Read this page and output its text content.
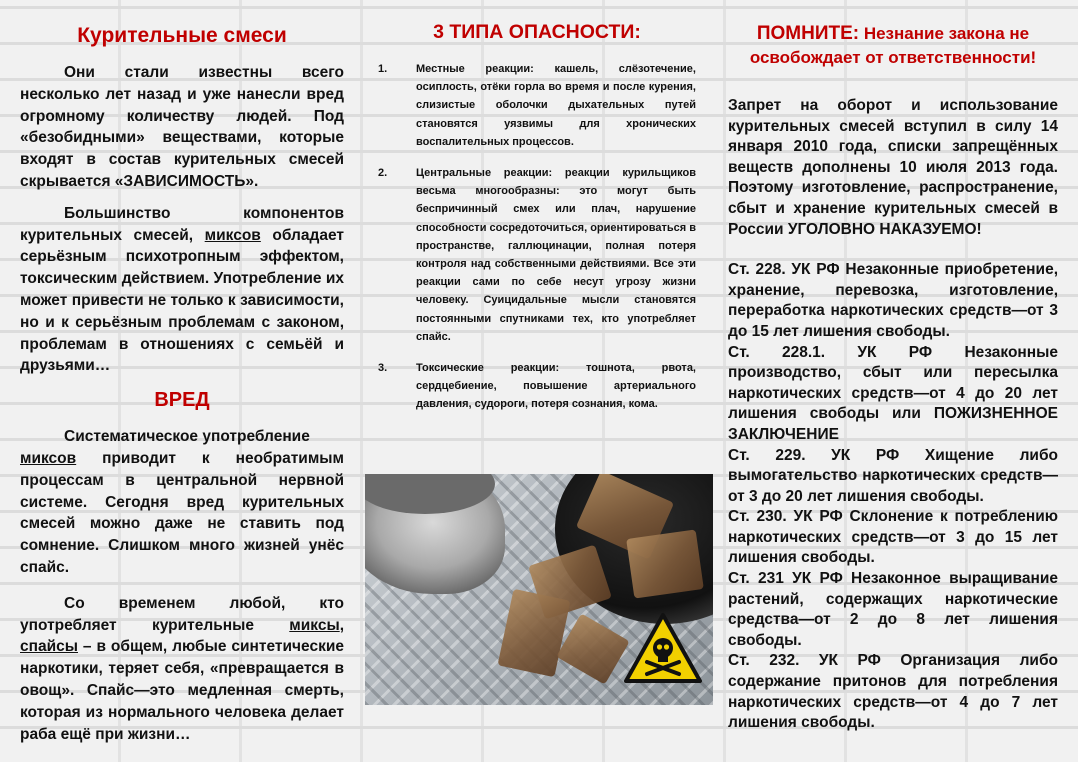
Курительные смеси

Они стали известны всего несколько лет назад и уже нанесли вред огромному количеству людей. Под «безобидными» веществами, которые входят в состав курительных смесей скрывается «ЗАВИСИМОСТЬ».

Большинство компонентов курительных смесей, миксов обладает серьёзным психотропным эффектом, токсическим действием. Употребление их может привести не только к зависимости, но и к серьёзным проблемам с законом, проблемам в отношениях с семьёй и друзьями…

ВРЕД

Систематическое употребление
миксов приводит к необратимым процессам в центральной нервной системе. Сегодня вред курительных смесей можно даже не ставить под сомнение. Слишком много жизней унёс спайс.

Со временем любой, кто употребляет курительные миксы, спайсы – в общем, любые синтетические наркотики, теряет себя, «превращается в овощ». Спайс—это медленная смерть, которая из нормального человека делает раба ещё при жизни…

3 ТИПА ОПАСНОСТИ:
1.	Местные реакции: кашель, слёзотечение, осиплость, отёки горла во время и после курения, слизистые оболочки дыхательных путей становятся уязвимы для хронических воспалительных процессов.
2.	Центральные реакции: реакции курильщиков весьма многообразны: это могут быть беспричинный смех или плач, нарушение способности сосредоточиться, ориентироваться в пространстве, галлюцинации, полная потеря контроля над собственными действиями. Все эти реакции сами по себе несут угрозу жизни человеку. Суицидальные мысли становятся постоянными спутниками тех, кто употребляет спайс.
3.	Токсические реакции: тошнота, рвота, сердцебиение, повышение артериального давления, судороги, потеря сознания, кома.
ПОМНИТЕ: Незнание закона не освобождает от ответственности!

Запрет на оборот и использование курительных смесей вступил в силу 14 января 2010 года, списки запрещённых веществ дополнены 10 июля 2013 года. Поэтому изготовление, распространение, сбыт и хранение курительных смесей в России УГОЛОВНО НАКАЗУЕМО!

Ст. 228. УК РФ Незаконные приобретение, хранение, перевозка, изготовление, переработка наркотических средств—от 3 до 15 лет лишения свободы.

Ст. 228.1. УК РФ Незаконные производство, сбыт или пересылка наркотических средств—от 4 до 20 лет лишения свободы или ПОЖИЗНЕННОЕ ЗАКЛЮЧЕНИЕ

Ст. 229. УК РФ Хищение либо вымогательство наркотических средств—от 3 до 20 лет лишения свободы.

Ст. 230. УК РФ Склонение к потреблению наркотических средств—от 3 до 15 лет лишения свободы.

Ст. 231 УК РФ Незаконное выращивание растений, содержащих наркотические средства—от 2 до 8 лет лишения свободы.

Ст. 232. УК РФ Организация либо содержание притонов для потребления наркотических средств—от 4 до 7 лет лишения свободы.
